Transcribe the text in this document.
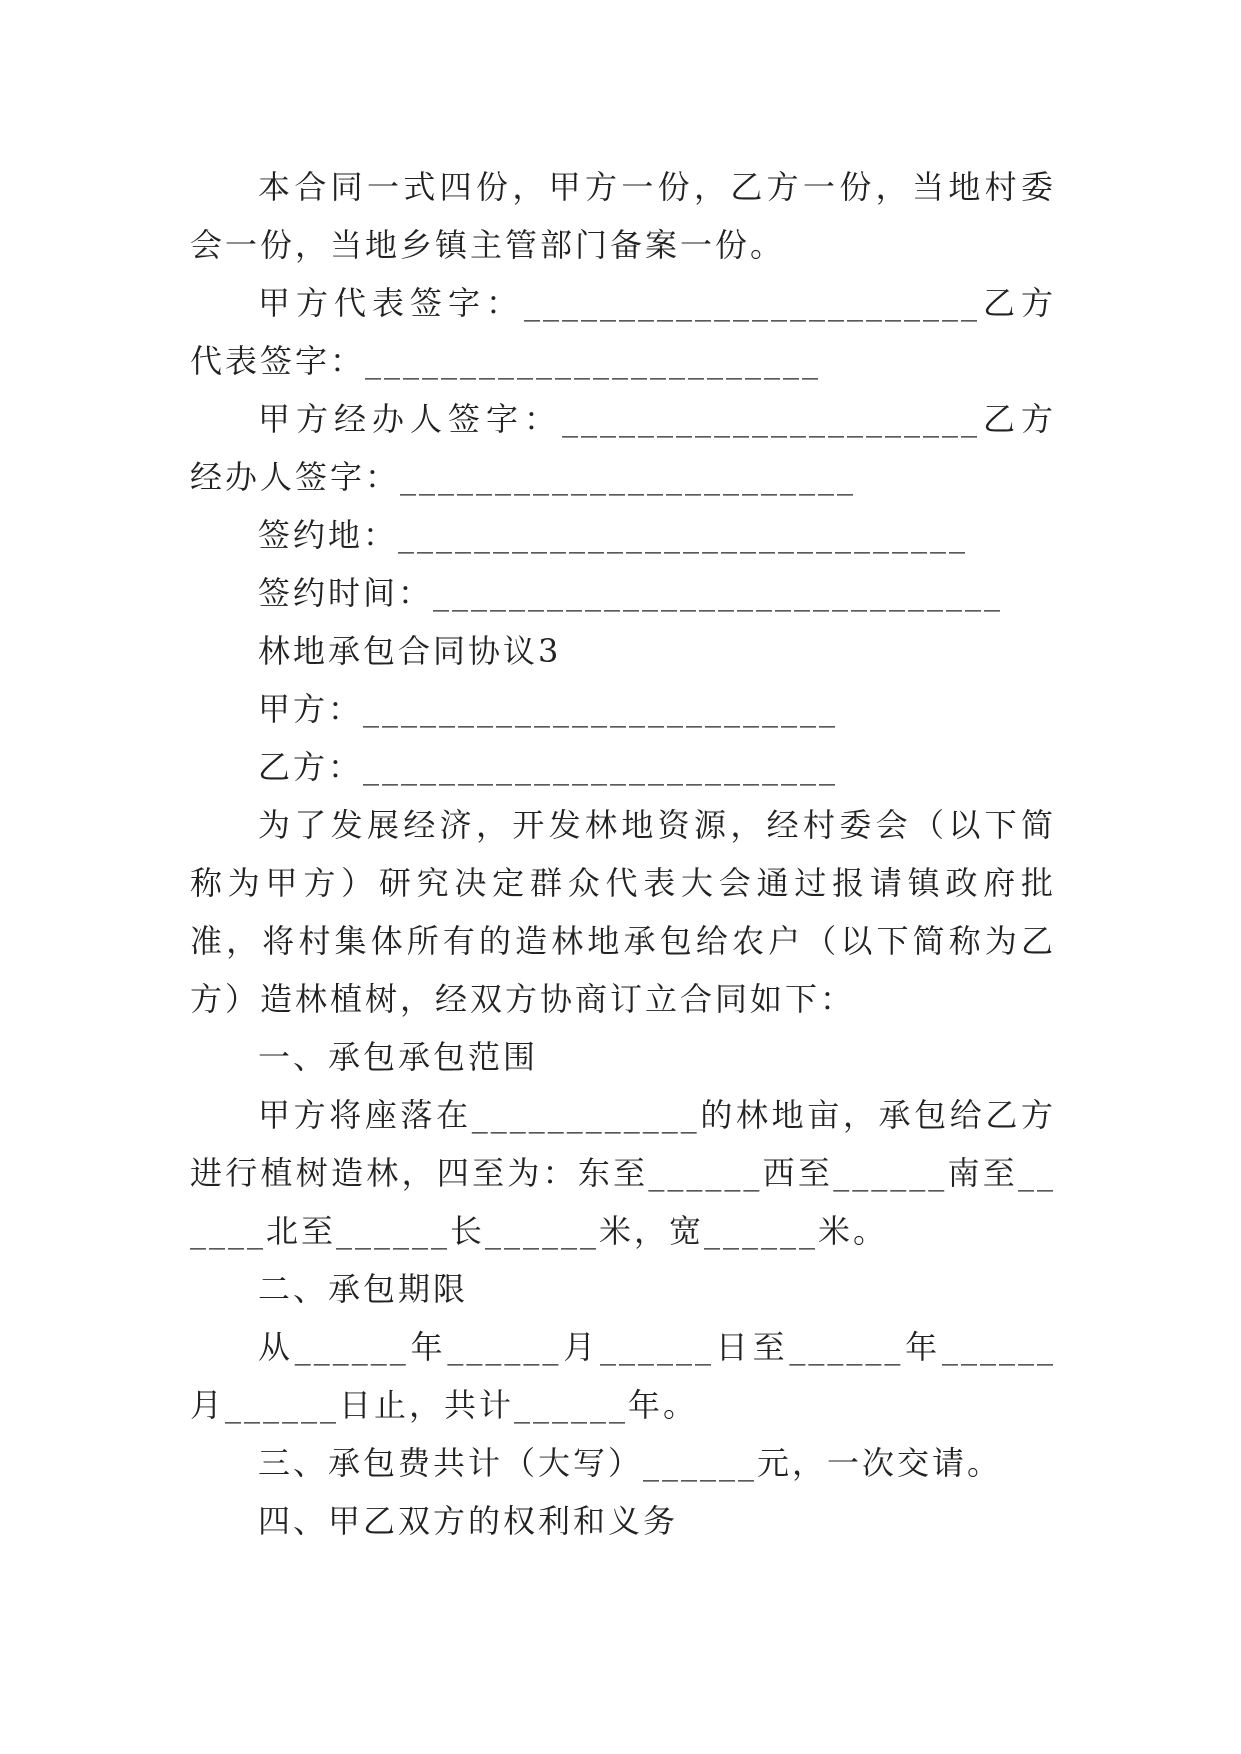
本合同一式四份，甲方一份，乙方一份，当地村委会一份，当地乡镇主管部门备案一份。

甲方代表签字：________________________乙方代表签字：________________________

甲方经办人签字：______________________乙方经办人签字：________________________

签约地：______________________________

签约时间：______________________________

林地承包合同协议3

甲方：_________________________

乙方：_________________________

为了发展经济，开发林地资源，经村委会（以下简称为甲方）研究决定群众代表大会通过报请镇政府批准，将村集体所有的造林地承包给农户（以下简称为乙方）造林植树，经双方协商订立合同如下：

一、承包承包范围

甲方将座落在____________的林地亩，承包给乙方进行植树造林，四至为：东至______西至______南至______北至______长______米，宽______米。

二、承包期限

从______年______月______日至______年______月______日止，共计______年。

三、承包费共计（大写）______元，一次交请。

四、甲乙双方的权利和义务
